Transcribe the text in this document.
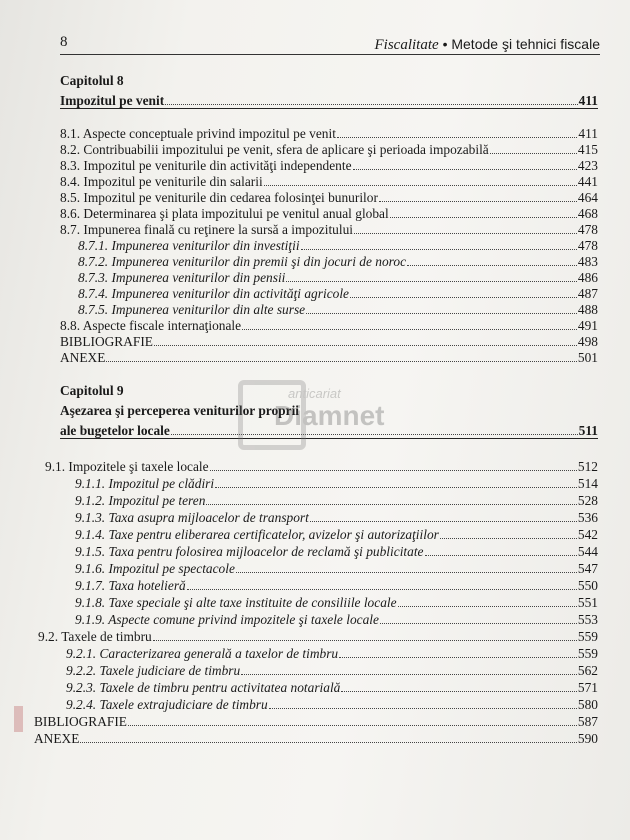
8	Fiscalitate • Metode şi tehnici fiscale
Capitolul 8
Impozitul pe venit	411
8.1. Aspecte conceptuale privind impozitul pe venit	411
8.2. Contribuabilii impozitului pe venit, sfera de aplicare şi perioada impozabilă	415
8.3. Impozitul pe veniturile din activităţi independente	423
8.4. Impozitul pe veniturile din salarii	441
8.5. Impozitul pe veniturile din cedarea folosinţei bunurilor	464
8.6. Determinarea şi plata impozitului pe venitul anual global	468
8.7. Impunerea finală cu reţinere la sursă a impozitului	478
8.7.1. Impunerea veniturilor din investiţii	478
8.7.2. Impunerea veniturilor din premii şi din jocuri de noroc	483
8.7.3. Impunerea veniturilor din pensii	486
8.7.4. Impunerea veniturilor din activităţi agricole	487
8.7.5. Impunerea veniturilor din alte surse	488
8.8. Aspecte fiscale internaţionale	491
BIBLIOGRAFIE	498
ANEXE	501
Capitolul 9
Aşezarea şi perceperea veniturilor proprii
ale bugetelor locale	511
9.1. Impozitele şi taxele locale	512
9.1.1. Impozitul pe clădiri	514
9.1.2. Impozitul pe teren	528
9.1.3. Taxa asupra mijloacelor de transport	536
9.1.4. Taxe pentru eliberarea certificatelor, avizelor şi autorizaţiilor	542
9.1.5. Taxa pentru folosirea mijloacelor de reclamă şi publicitate	544
9.1.6. Impozitul pe spectacole	547
9.1.7. Taxa hotelieră	550
9.1.8. Taxe speciale şi alte taxe instituite de consiliile locale	551
9.1.9. Aspecte comune privind impozitele şi taxele locale	553
9.2. Taxele de timbru	559
9.2.1. Caracterizarea generală a taxelor de timbru	559
9.2.2. Taxele judiciare de timbru	562
9.2.3. Taxele de timbru pentru activitatea notarială	571
9.2.4. Taxele extrajudiciare de timbru	580
BIBLIOGRAFIE	587
ANEXE	590
anticariat
Diamnet
